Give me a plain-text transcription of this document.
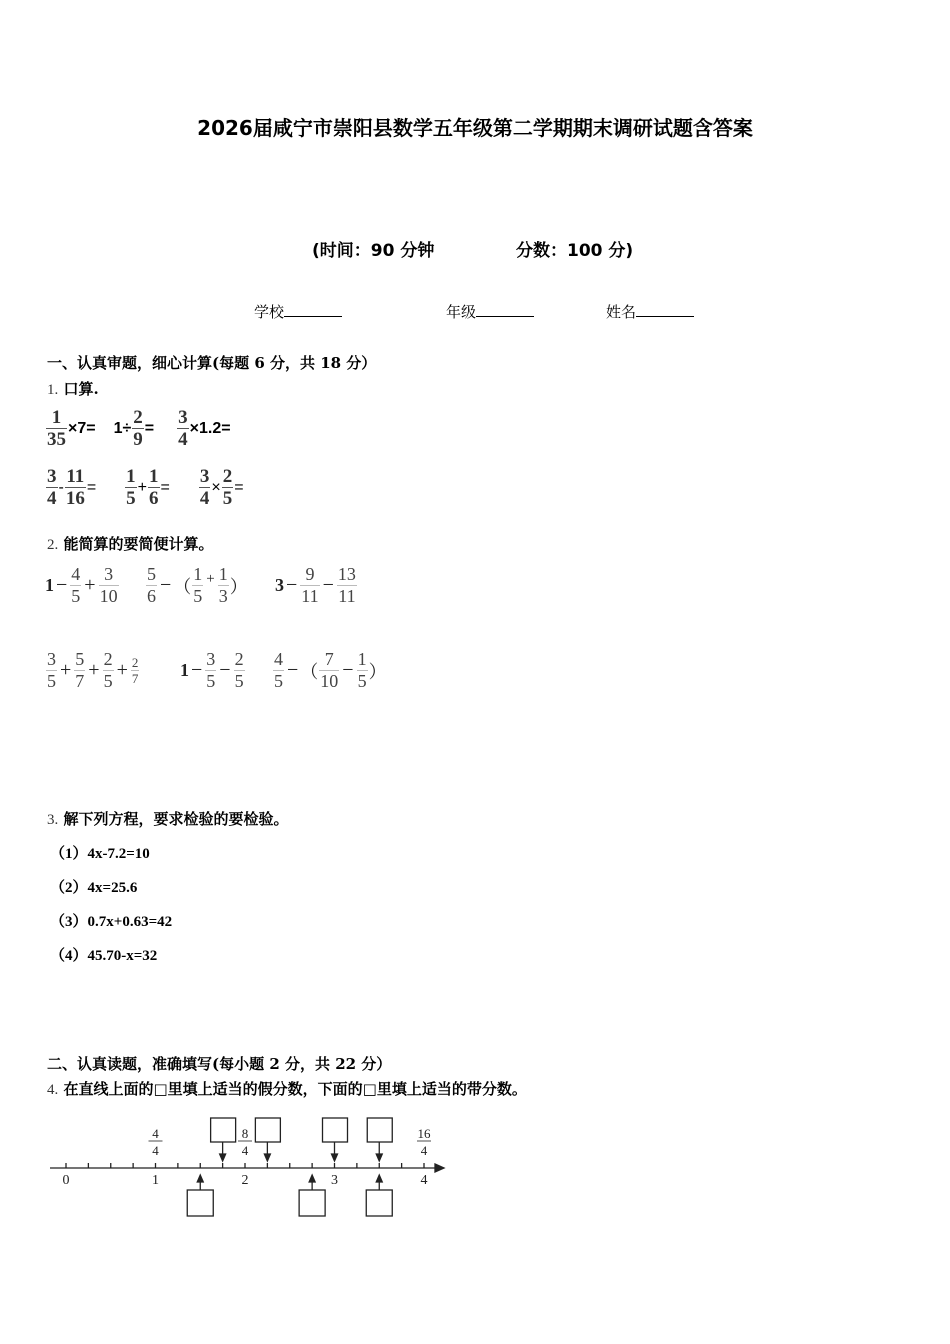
2026届咸宁市崇阳县数学五年级第二学期期末调研试题含答案
(时间：90 分钟	分数：100 分)
学校	年级	姓名
一、认真审题，细心计算(每题 6 分，共 18 分）
1. 口算.
$\frac{1}{35} \times 7= 1\div \frac{2}{9} = \frac{3}{4} \times 1.2=$
$\frac{3}{4} - \frac{11}{16} = \frac{1}{5} + \frac{1}{6} = \frac{3}{4} \times \frac{2}{5}$ =
2. 能简算的要简便计算。
$1 - \frac{4}{5} + \frac{3}{10} \frac{5}{6}$ − （ $\frac{1}{5} + \frac{1}{3}$ ） $3 - \frac{9}{11} - \frac{13}{11}$
$\frac{3}{5} + \frac{5}{7} + \frac{2}{5} + \frac{2}{7} 1 - \frac{3}{5} - \frac{2}{5} \frac{4}{5}$ − （ $\frac{7}{10} - \frac{1}{5}$ ）
3. 解下列方程，要求检验的要检验。
（1）4x-7.2=10
（2）4x=25.6
（3）0.7x+0.63=42
（4）45.70-x=32
二、认真读题，准确填写(每小题 2 分，共 22 分）
4. 在直线上面的□里填上适当的假分数，下面的□里填上适当的带分数。
0	1	2	3	4
4
4
8
4
16
4
